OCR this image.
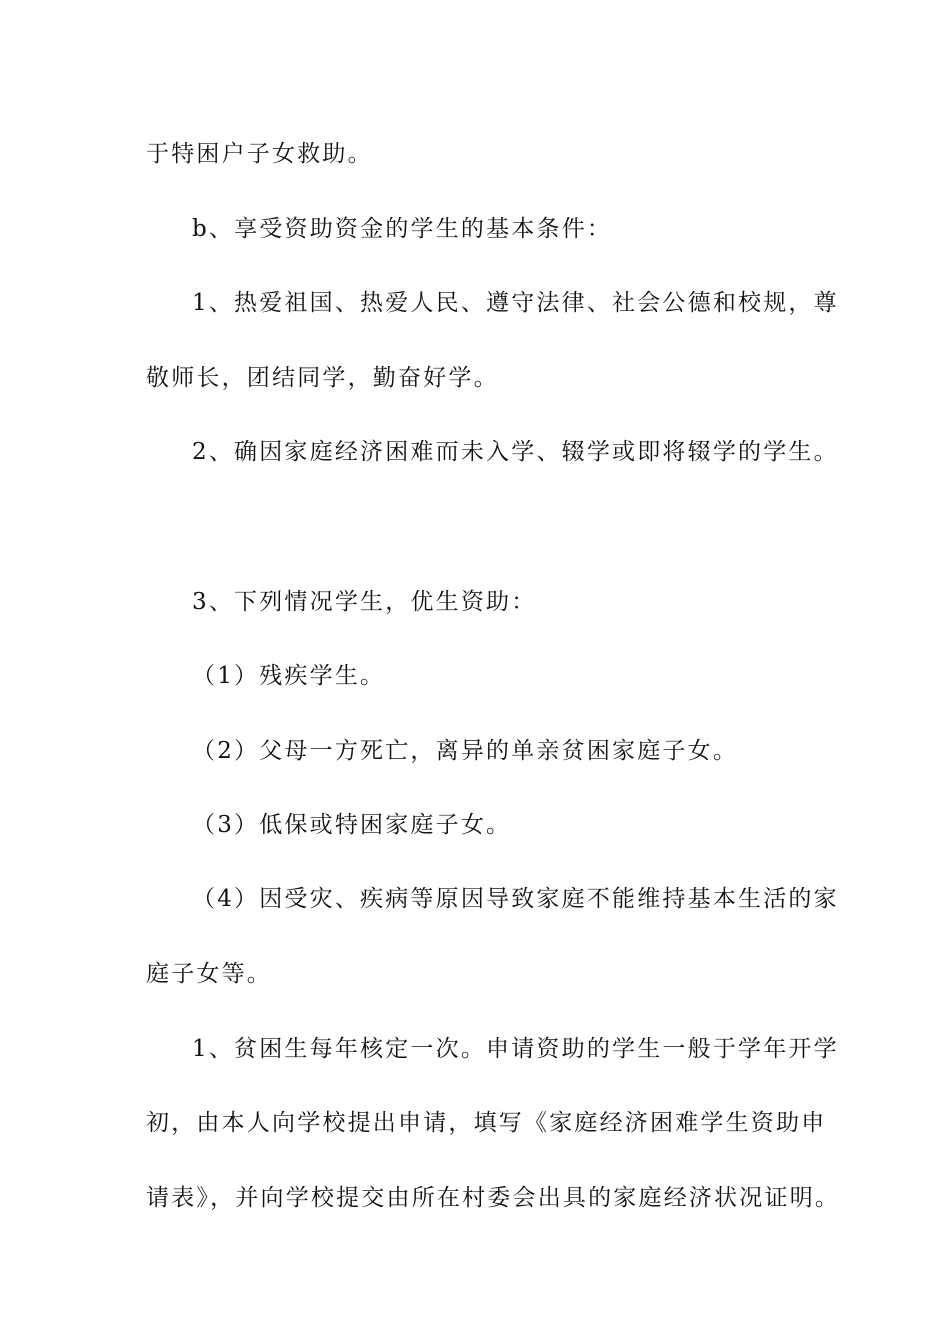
于特困户子女救助。

b、享受资助资金的学生的基本条件：

1、热爱祖国、热爱人民、遵守法律、社会公德和校规，尊

敬师长，团结同学，勤奋好学。

2、确因家庭经济困难而未入学、辍学或即将辍学的学生。

3、下列情况学生，优生资助：

（1）残疾学生。

（2）父母一方死亡，离异的单亲贫困家庭子女。

（3）低保或特困家庭子女。

（4）因受灾、疾病等原因导致家庭不能维持基本生活的家

庭子女等。

1、贫困生每年核定一次。申请资助的学生一般于学年开学

初，由本人向学校提出申请，填写《家庭经济困难学生资助申

请表》，并向学校提交由所在村委会出具的家庭经济状况证明。
